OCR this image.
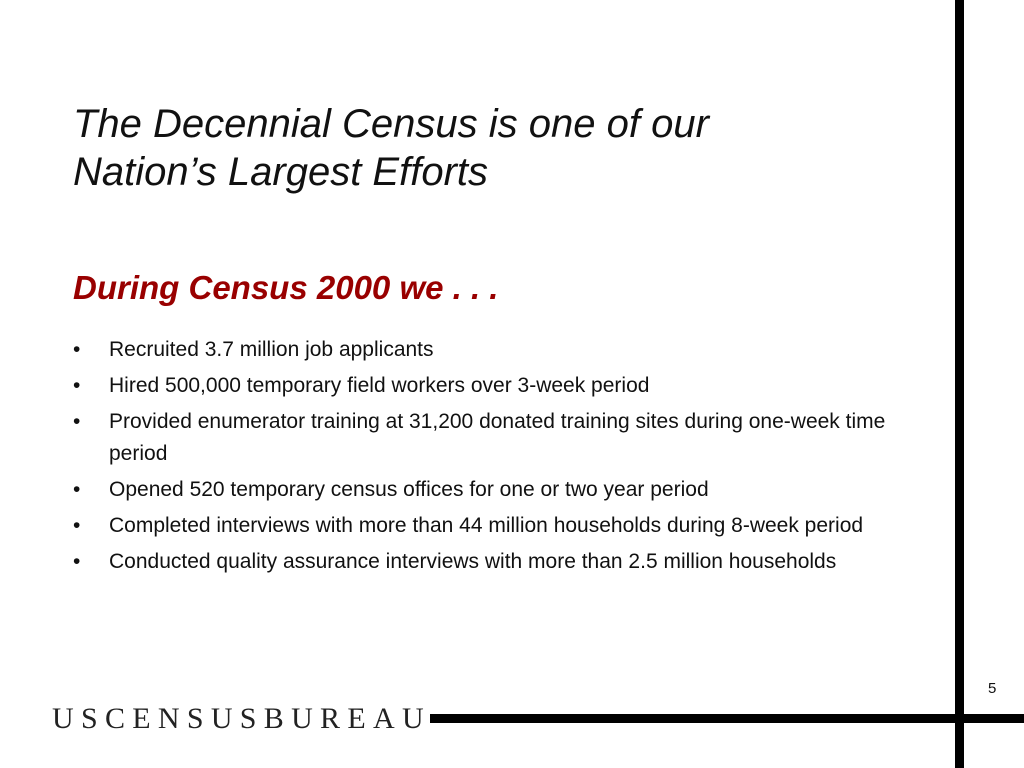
The Decennial Census is one of our
Nation’s Largest Efforts
During Census 2000 we . . .
• Recruited 3.7 million job applicants
• Hired 500,000 temporary field workers over 3-week period
• Provided enumerator training at 31,200 donated training sites during one-week time period
• Opened 520 temporary census offices for one or two year period
• Completed interviews with more than 44 million households during 8-week period
• Conducted quality assurance interviews with more than 2.5 million households
5
USCENSUSBUREAU
